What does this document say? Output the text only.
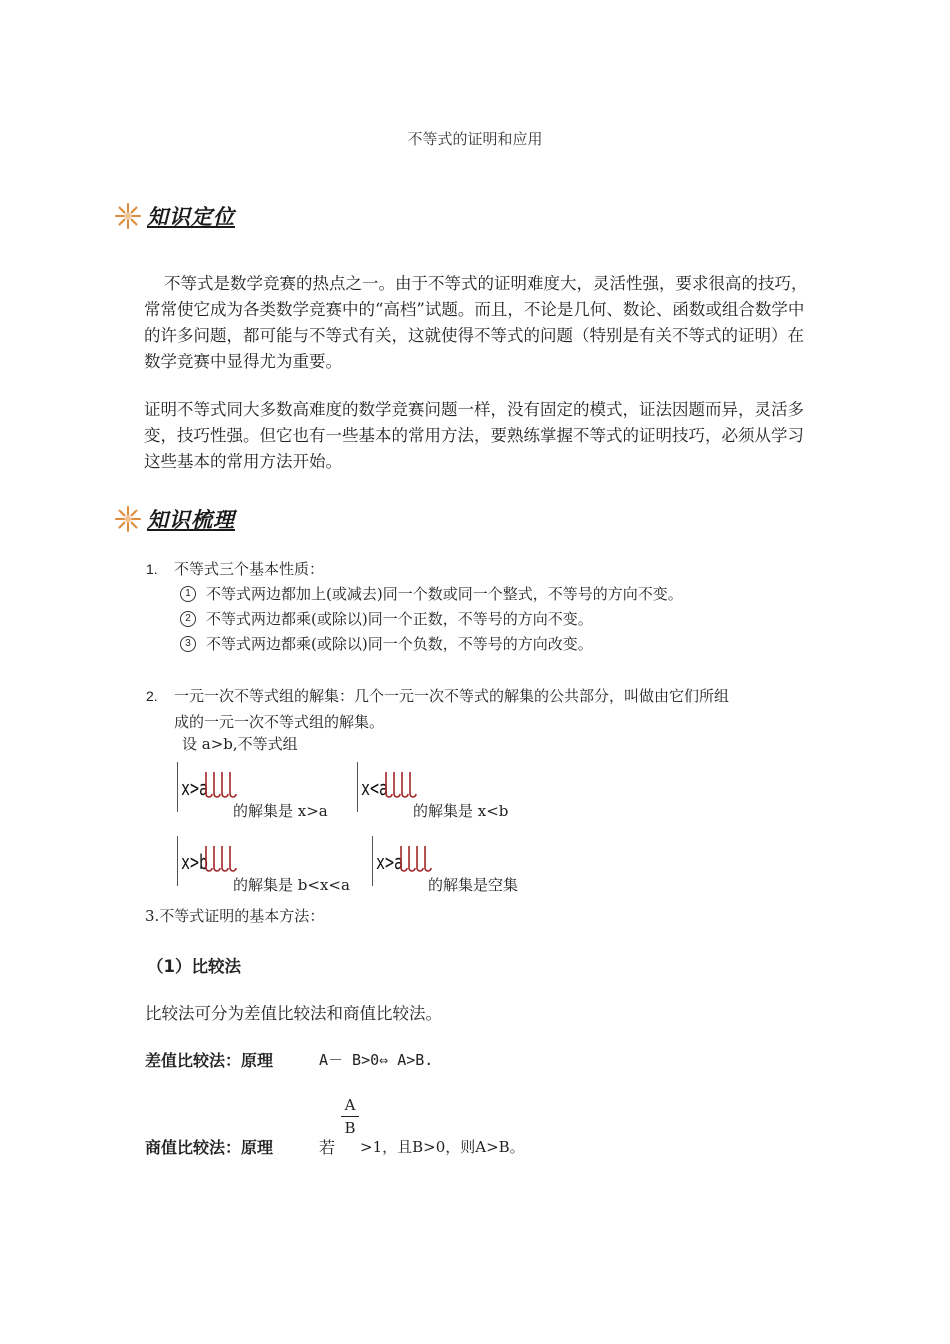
不等式的证明和应用
知识定位
不等式是数学竞赛的热点之一。由于不等式的证明难度大，灵活性强，要求很高的技巧，常常使它成为各类数学竞赛中的“高档”试题。而且，不论是几何、数论、函数或组合数学中的许多问题，都可能与不等式有关，这就使得不等式的问题（特别是有关不等式的证明）在数学竞赛中显得尤为重要。
证明不等式同大多数高难度的数学竞赛问题一样，没有固定的模式，证法因题而异，灵活多变，技巧性强。但它也有一些基本的常用方法，要熟练掌握不等式的证明技巧，必须从学习这些基本的常用方法开始。
知识梳理
1.	不等式三个基本性质：
1	不等式两边都加上(或减去)同一个数或同一个整式，不等号的方向不变。
2	不等式两边都乘(或除以)同一个正数，不等号的方向不变。
3	不等式两边都乘(或除以)同一个负数，不等号的方向改变。
2.	一元一次不等式组的解集：几个一元一次不等式的解集的公共部分，叫做由它们所组
成的一元一次不等式组的解集。
设 a>b,不等式组
x>a
的解集是 x>a
x<a
的解集是 x<b
x>b
的解集是 b<x<a
x>a
的解集是空集
3.不等式证明的基本方法：
（1）比较法
比较法可分为差值比较法和商值比较法。
差值比较法：原理	A－ B>0⇔ A>B.
A
B
商值比较法：原理	若	>1，且B>0，则A>B。
